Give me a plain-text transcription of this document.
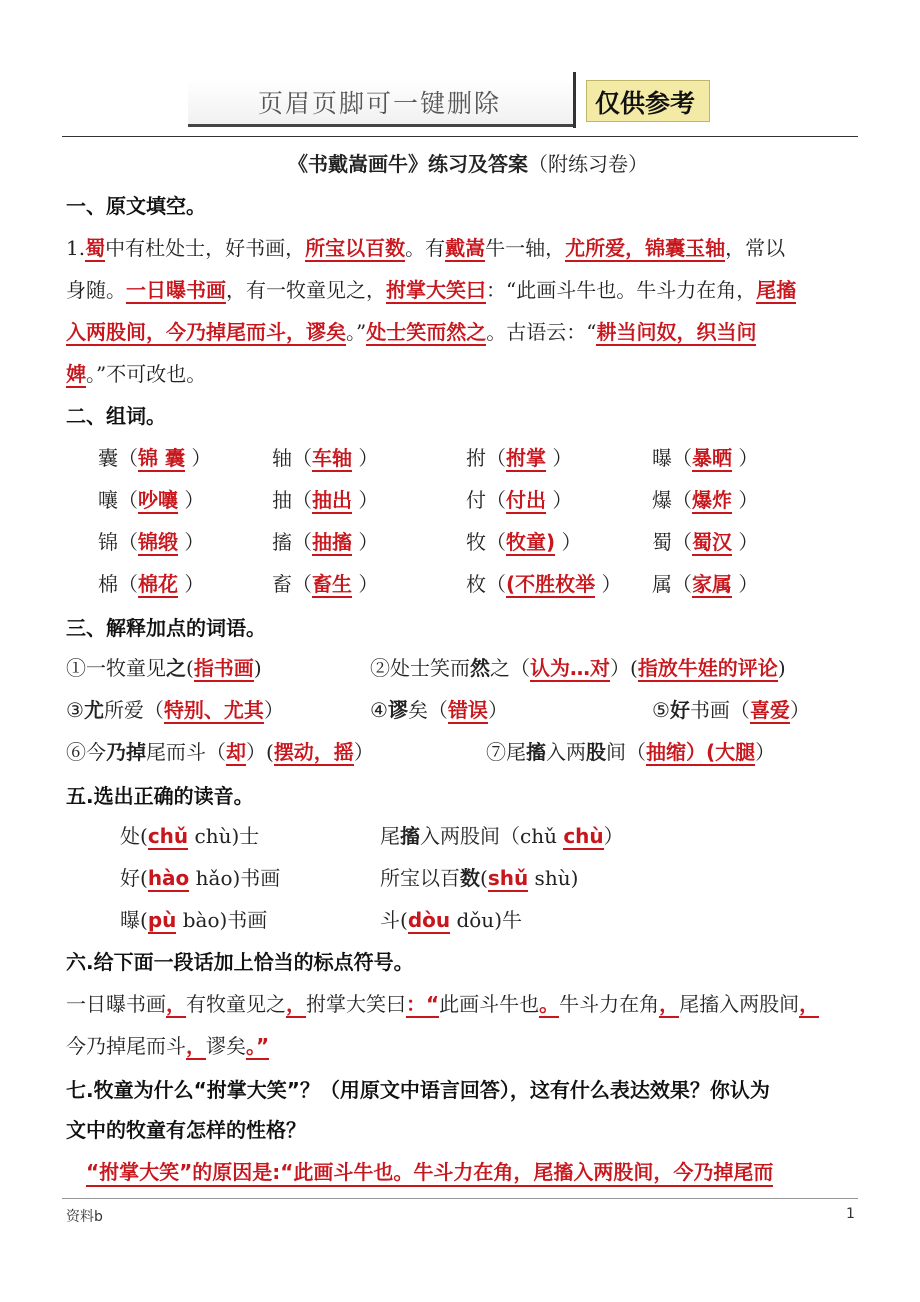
页眉页脚可一键删除	仅供参考
《书戴嵩画牛》练习及答案（附练习卷）
一、原文填空。
1.蜀中有杜处士，好书画，所宝以百数。有戴嵩牛一轴，尤所爱，锦囊玉轴，常以
身随。一日曝书画，有一牧童见之，拊掌大笑曰：“此画斗牛也。牛斗力在角，尾搐
入两股间，今乃掉尾而斗，谬矣。”处士笑而然之。古语云：“耕当问奴，织当问
婢。”不可改也。
二、组词。
囊（锦 囊 ）	轴（车轴 ）	拊（拊掌 ）	曝（暴晒 ）
嚷（吵嚷 ）	抽（抽出 ）	付（付出 ）	爆（爆炸 ）
锦（锦缎 ）	搐（抽搐 ）	牧（牧童) ）	蜀（蜀汉 ）
棉（棉花 ）	畜（畜生 ）	枚（(不胜枚举 ） 属（家属 ）
三、解释加点的词语。
①一牧童见之(指书画)	②处士笑而然之（认为…对）(指放牛娃的评论)
③尤所爱（特别、尤其）	④谬矣（错误）	⑤好书画（喜爱）
⑥今乃掉尾而斗（却）(摆动，摇）	⑦尾搐入两股间（抽缩）(大腿）
五.选出正确的读音。
处(chǔ chù)士	尾搐入两股间（chǔ chù）
好(hào hǎo)书画	所宝以百数(shǔ shù)
曝(pù bào)书画	斗(dòu dǒu)牛
六.给下面一段话加上恰当的标点符号。
一日曝书画，有牧童见之，拊掌大笑曰：“此画斗牛也。牛斗力在角，尾搐入两股间，
今乃掉尾而斗，谬矣。”
七.牧童为什么“拊掌大笑”？（用原文中语言回答），这有什么表达效果？你认为
文中的牧童有怎样的性格？
“拊掌大笑”的原因是:“此画斗牛也。牛斗力在角，尾搐入两股间，今乃掉尾而
资料b	1
